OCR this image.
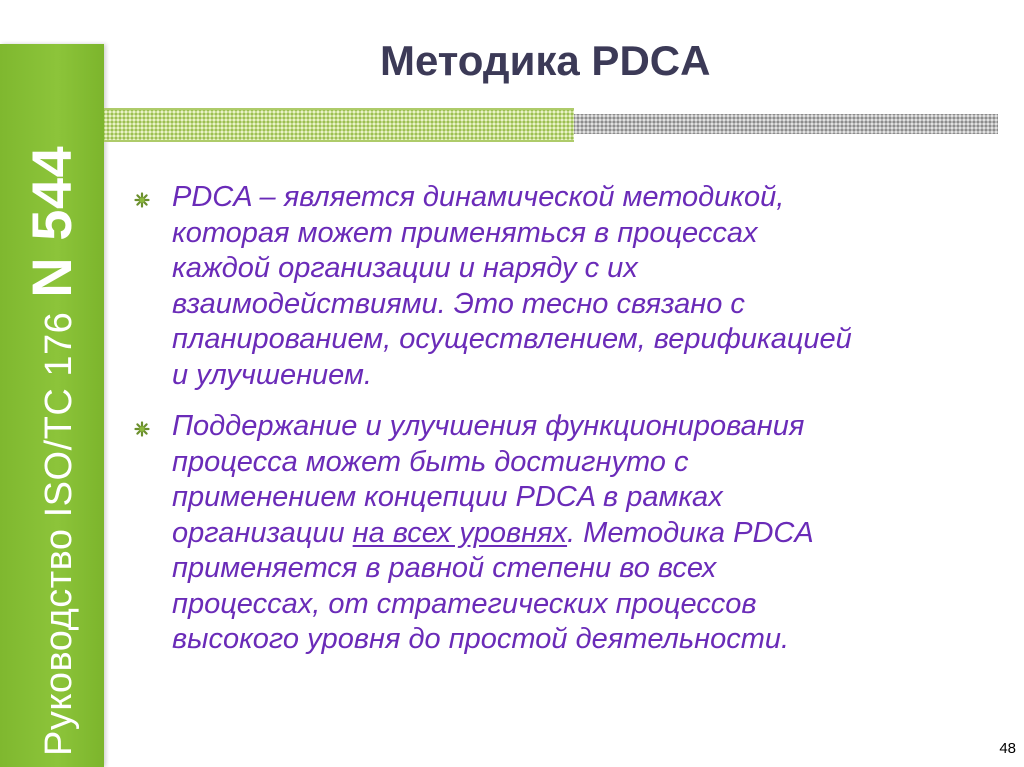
Руководство ISO/TC 176N 544
Методика PDCA
PDCA – является динамической методикой,
которая может применяться в процессах
каждой организации и наряду с их
взаимодействиями. Это тесно связано с
планированием, осуществлением, верификацией
и улучшением.
Поддержание и улучшения функционирования
процесса может быть достигнуто с
применением концепции PDCA в рамках
организации на всех уровнях. Методика PDCA
применяется в равной степени во всех
процессах, от стратегических процессов
высокого уровня до простой деятельности.
48
